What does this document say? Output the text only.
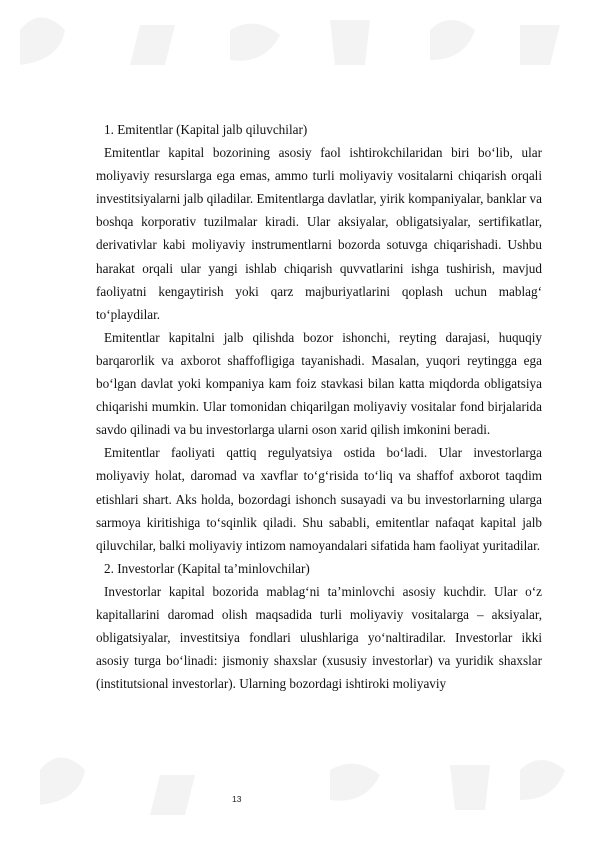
1. Emitentlar (Kapital jalb qiluvchilar)

Emitentlar kapital bozorining asosiy faol ishtirokchilaridan biri bo‘lib, ular moliyaviy resurslarga ega emas, ammo turli moliyaviy vositalarni chiqarish orqali investitsiyalarni jalb qiladilar. Emitentlarga davlatlar, yirik kompaniyalar, banklar va boshqa korporativ tuzilmalar kiradi. Ular aksiyalar, obligatsiyalar, sertifikatlar, derivativlar kabi moliyaviy instrumentlarni bozorda sotuvga chiqarishadi. Ushbu harakat orqali ular yangi ishlab chiqarish quvvatlarini ishga tushirish, mavjud faoliyatni kengaytirish yoki qarz majburiyatlarini qoplash uchun mablag‘ to‘playdilar.

Emitentlar kapitalni jalb qilishda bozor ishonchi, reyting darajasi, huquqiy barqarorlik va axborot shaffofligiga tayanishadi. Masalan, yuqori reytingga ega bo‘lgan davlat yoki kompaniya kam foiz stavkasi bilan katta miqdorda obligatsiya chiqarishi mumkin. Ular tomonidan chiqarilgan moliyaviy vositalar fond birjalarida savdo qilinadi va bu investorlarga ularni oson xarid qilish imkonini beradi.

Emitentlar faoliyati qattiq regulyatsiya ostida bo‘ladi. Ular investorlarga moliyaviy holat, daromad va xavflar to‘g‘risida to‘liq va shaffof axborot taqdim etishlari shart. Aks holda, bozordagi ishonch susayadi va bu investorlarning ularga sarmoya kiritishiga to‘sqinlik qiladi. Shu sababli, emitentlar nafaqat kapital jalb qiluvchilar, balki moliyaviy intizom namoyandalari sifatida ham faoliyat yuritadilar.

2. Investorlar (Kapital ta’minlovchilar)

Investorlar kapital bozorida mablag‘ni ta’minlovchi asosiy kuchdir. Ular o‘z kapitallarini daromad olish maqsadida turli moliyaviy vositalarga – aksiyalar, obligatsiyalar, investitsiya fondlari ulushlariga yo‘naltiradilar. Investorlar ikki asosiy turga bo‘linadi: jismoniy shaxslar (xususiy investorlar) va yuridik shaxslar (institutsional investorlar). Ularning bozordagi ishtiroki moliyaviy

13
